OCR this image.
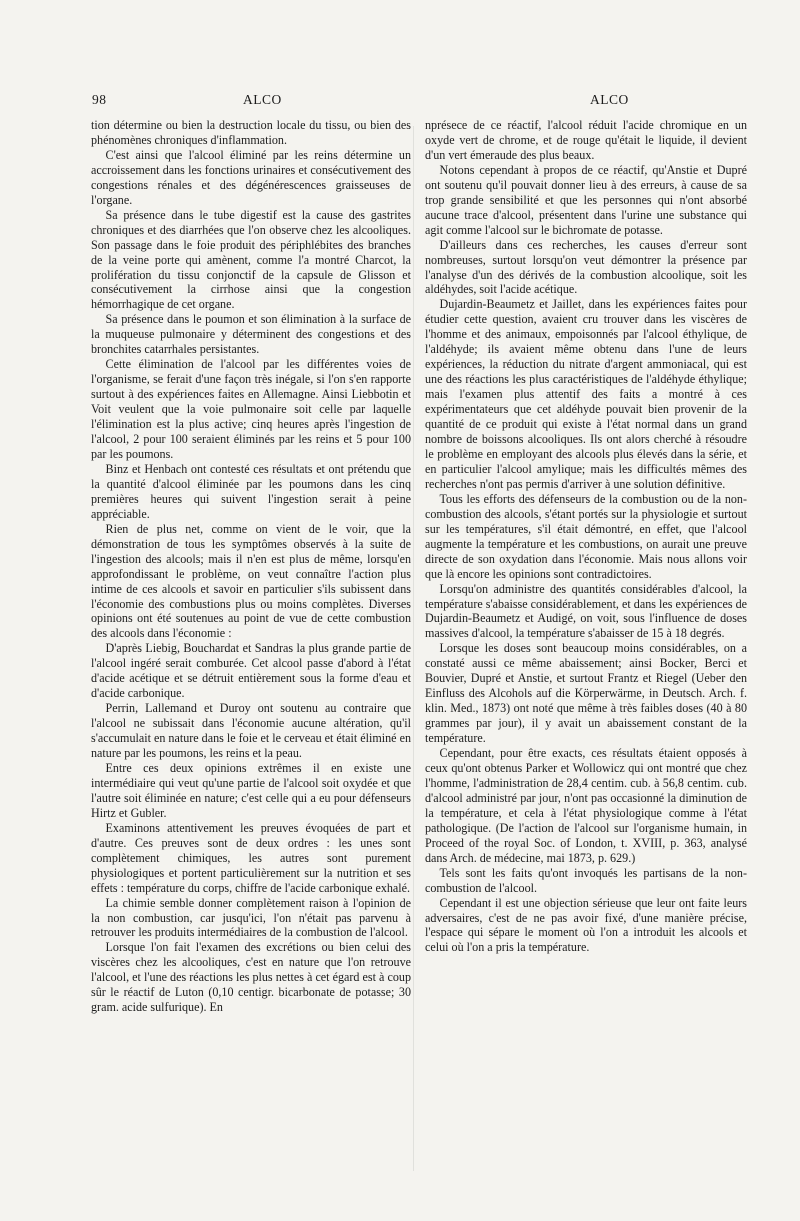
98	ALCO	ALCO

tion détermine ou bien la destruction locale du tissu, ou bien des phénomènes chroniques d'inflammation.

C'est ainsi que l'alcool éliminé par les reins détermine un accroissement dans les fonctions urinaires et consécutivement des congestions rénales et des dégénérescences graisseuses de l'organe.

Sa présence dans le tube digestif est la cause des gastrites chroniques et des diarrhées que l'on observe chez les alcooliques. Son passage dans le foie produit des périphlébites des branches de la veine porte qui amènent, comme l'a montré Charcot, la prolifération du tissu conjonctif de la capsule de Glisson et consécutivement la cirrhose ainsi que la congestion hémorrhagique de cet organe.

Sa présence dans le poumon et son élimination à la surface de la muqueuse pulmonaire y déterminent des congestions et des bronchites catarrhales persistantes.

Cette élimination de l'alcool par les différentes voies de l'organisme, se ferait d'une façon très inégale, si l'on s'en rapporte surtout à des expériences faites en Allemagne. Ainsi Liebbotin et Voit veulent que la voie pulmonaire soit celle par laquelle l'élimination est la plus active; cinq heures après l'ingestion de l'alcool, 2 pour 100 seraient éliminés par les reins et 5 pour 100 par les poumons.

Binz et Henbach ont contesté ces résultats et ont prétendu que la quantité d'alcool éliminée par les poumons dans les cinq premières heures qui suivent l'ingestion serait à peine appréciable.

Rien de plus net, comme on vient de le voir, que la démonstration de tous les symptômes observés à la suite de l'ingestion des alcools; mais il n'en est plus de même, lorsqu'en approfondissant le problème, on veut connaître l'action plus intime de ces alcools et savoir en particulier s'ils subissent dans l'économie des combustions plus ou moins complètes. Diverses opinions ont été soutenues au point de vue de cette combustion des alcools dans l'économie :

D'après Liebig, Bouchardat et Sandras la plus grande partie de l'alcool ingéré serait comburée. Cet alcool passe d'abord à l'état d'acide acétique et se détruit entièrement sous la forme d'eau et d'acide carbonique.

Perrin, Lallemand et Duroy ont soutenu au contraire que l'alcool ne subissait dans l'économie aucune altération, qu'il s'accumulait en nature dans le foie et le cerveau et était éliminé en nature par les poumons, les reins et la peau.

Entre ces deux opinions extrêmes il en existe une intermédiaire qui veut qu'une partie de l'alcool soit oxydée et que l'autre soit éliminée en nature; c'est celle qui a eu pour défenseurs Hirtz et Gubler.

Examinons attentivement les preuves évoquées de part et d'autre. Ces preuves sont de deux ordres : les unes sont complètement chimiques, les autres sont purement physiologiques et portent particulièrement sur la nutrition et ses effets : température du corps, chiffre de l'acide carbonique exhalé.

La chimie semble donner complètement raison à l'opinion de la non combustion, car jusqu'ici, l'on n'était pas parvenu à retrouver les produits intermédiaires de la combustion de l'alcool.

Lorsque l'on fait l'examen des excrétions ou bien celui des viscères chez les alcooliques, c'est en nature que l'on retrouve l'alcool, et l'une des réactions les plus nettes à cet égard est à coup sûr le réactif de Luton (0,10 centigr. bicarbonate de potasse; 30 gram. acide sulfurique). En

nprésece de ce réactif, l'alcool réduit l'acide chromique en un oxyde vert de chrome, et de rouge qu'était le liquide, il devient d'un vert émeraude des plus beaux.

Notons cependant à propos de ce réactif, qu'Anstie et Dupré ont soutenu qu'il pouvait donner lieu à des erreurs, à cause de sa trop grande sensibilité et que les personnes qui n'ont absorbé aucune trace d'alcool, présentent dans l'urine une substance qui agit comme l'alcool sur le bichromate de potasse.

D'ailleurs dans ces recherches, les causes d'erreur sont nombreuses, surtout lorsqu'on veut démontrer la présence par l'analyse d'un des dérivés de la combustion alcoolique, soit les aldéhydes, soit l'acide acétique.

Dujardin-Beaumetz et Jaillet, dans les expériences faites pour étudier cette question, avaient cru trouver dans les viscères de l'homme et des animaux, empoisonnés par l'alcool éthylique, de l'aldéhyde; ils avaient même obtenu dans l'une de leurs expériences, la réduction du nitrate d'argent ammoniacal, qui est une des réactions les plus caractéristiques de l'aldéhyde éthylique; mais l'examen plus attentif des faits a montré à ces expérimentateurs que cet aldéhyde pouvait bien provenir de la quantité de ce produit qui existe à l'état normal dans un grand nombre de boissons alcooliques. Ils ont alors cherché à résoudre le problème en employant des alcools plus élevés dans la série, et en particulier l'alcool amylique; mais les difficultés mêmes des recherches n'ont pas permis d'arriver à une solution définitive.

Tous les efforts des défenseurs de la combustion ou de la non-combustion des alcools, s'étant portés sur la physiologie et surtout sur les températures, s'il était démontré, en effet, que l'alcool augmente la température et les combustions, on aurait une preuve directe de son oxydation dans l'économie. Mais nous allons voir que là encore les opinions sont contradictoires.

Lorsqu'on administre des quantités considérables d'alcool, la température s'abaisse considérablement, et dans les expériences de Dujardin-Beaumetz et Audigé, on voit, sous l'influence de doses massives d'alcool, la température s'abaisser de 15 à 18 degrés.

Lorsque les doses sont beaucoup moins considérables, on a constaté aussi ce même abaissement; ainsi Bocker, Berci et Bouvier, Dupré et Anstie, et surtout Frantz et Riegel (Ueber den Einfluss des Alcohols auf die Körperwärme, in Deutsch. Arch. f. klin. Med., 1873) ont noté que même à très faibles doses (40 à 80 grammes par jour), il y avait un abaissement constant de la température.

Cependant, pour être exacts, ces résultats étaient opposés à ceux qu'ont obtenus Parker et Wollowicz qui ont montré que chez l'homme, l'administration de 28,4 centim. cub. à 56,8 centim. cub. d'alcool administré par jour, n'ont pas occasionné la diminution de la température, et cela à l'état physiologique comme à l'état pathologique. (De l'action de l'alcool sur l'organisme humain, in Proceed of the royal Soc. of London, t. XVIII, p. 363, analysé dans Arch. de médecine, mai 1873, p. 629.)

Tels sont les faits qu'ont invoqués les partisans de la non-combustion de l'alcool.

Cependant il est une objection sérieuse que leur ont faite leurs adversaires, c'est de ne pas avoir fixé, d'une manière précise, l'espace qui sépare le moment où l'on a introduit les alcools et celui où l'on a pris la température.
